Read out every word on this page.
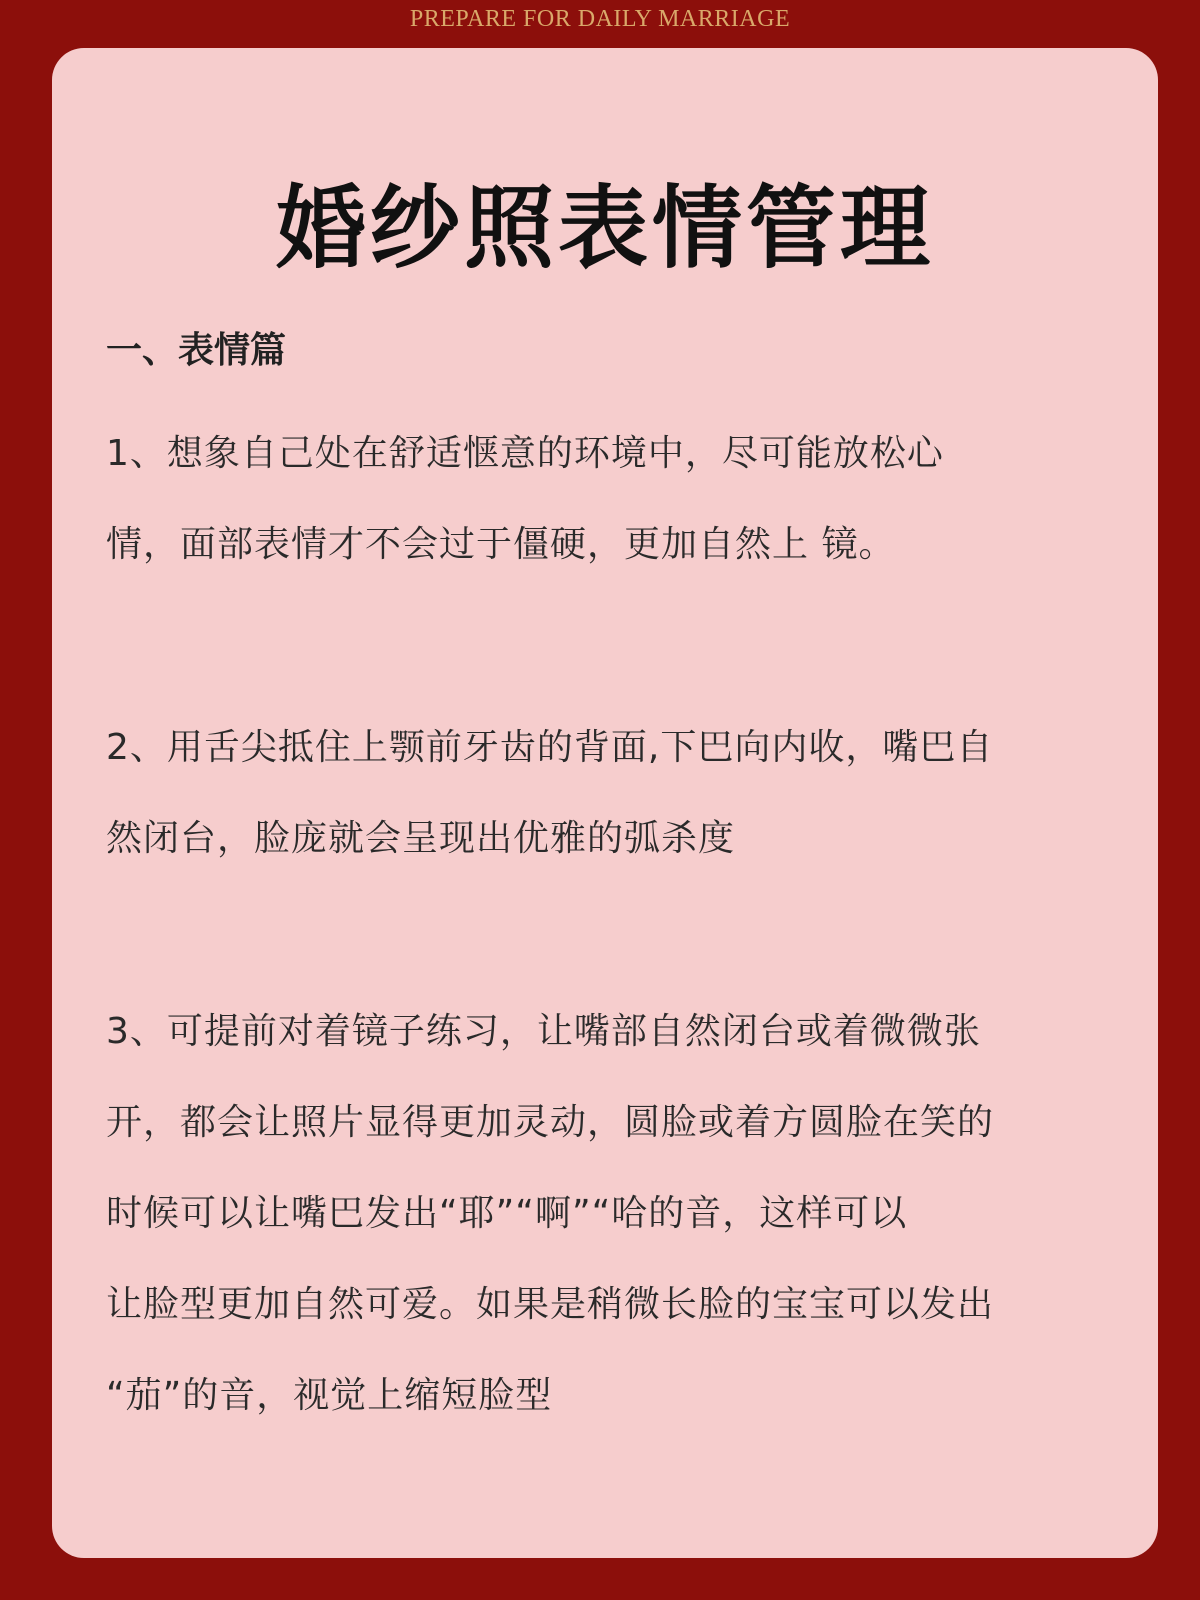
PREPARE FOR DAILY MARRIAGE
婚纱照表情管理
一、表情篇
1、想象自己处在舒适惬意的环境中，尽可能放松心
情，面部表情才不会过于僵硬，更加自然上 镜。
2、用舌尖抵住上颚前牙齿的背面,下巴向内收，嘴巴自
然闭台，脸庞就会呈现出优雅的弧杀度
3、可提前对着镜子练习，让嘴部自然闭台或着微微张
开，都会让照片显得更加灵动，圆脸或着方圆脸在笑的
时候可以让嘴巴发出“耶”“啊”“哈的音，这样可以
让脸型更加自然可爱。如果是稍微长脸的宝宝可以发出
“茄”的音，视觉上缩短脸型
